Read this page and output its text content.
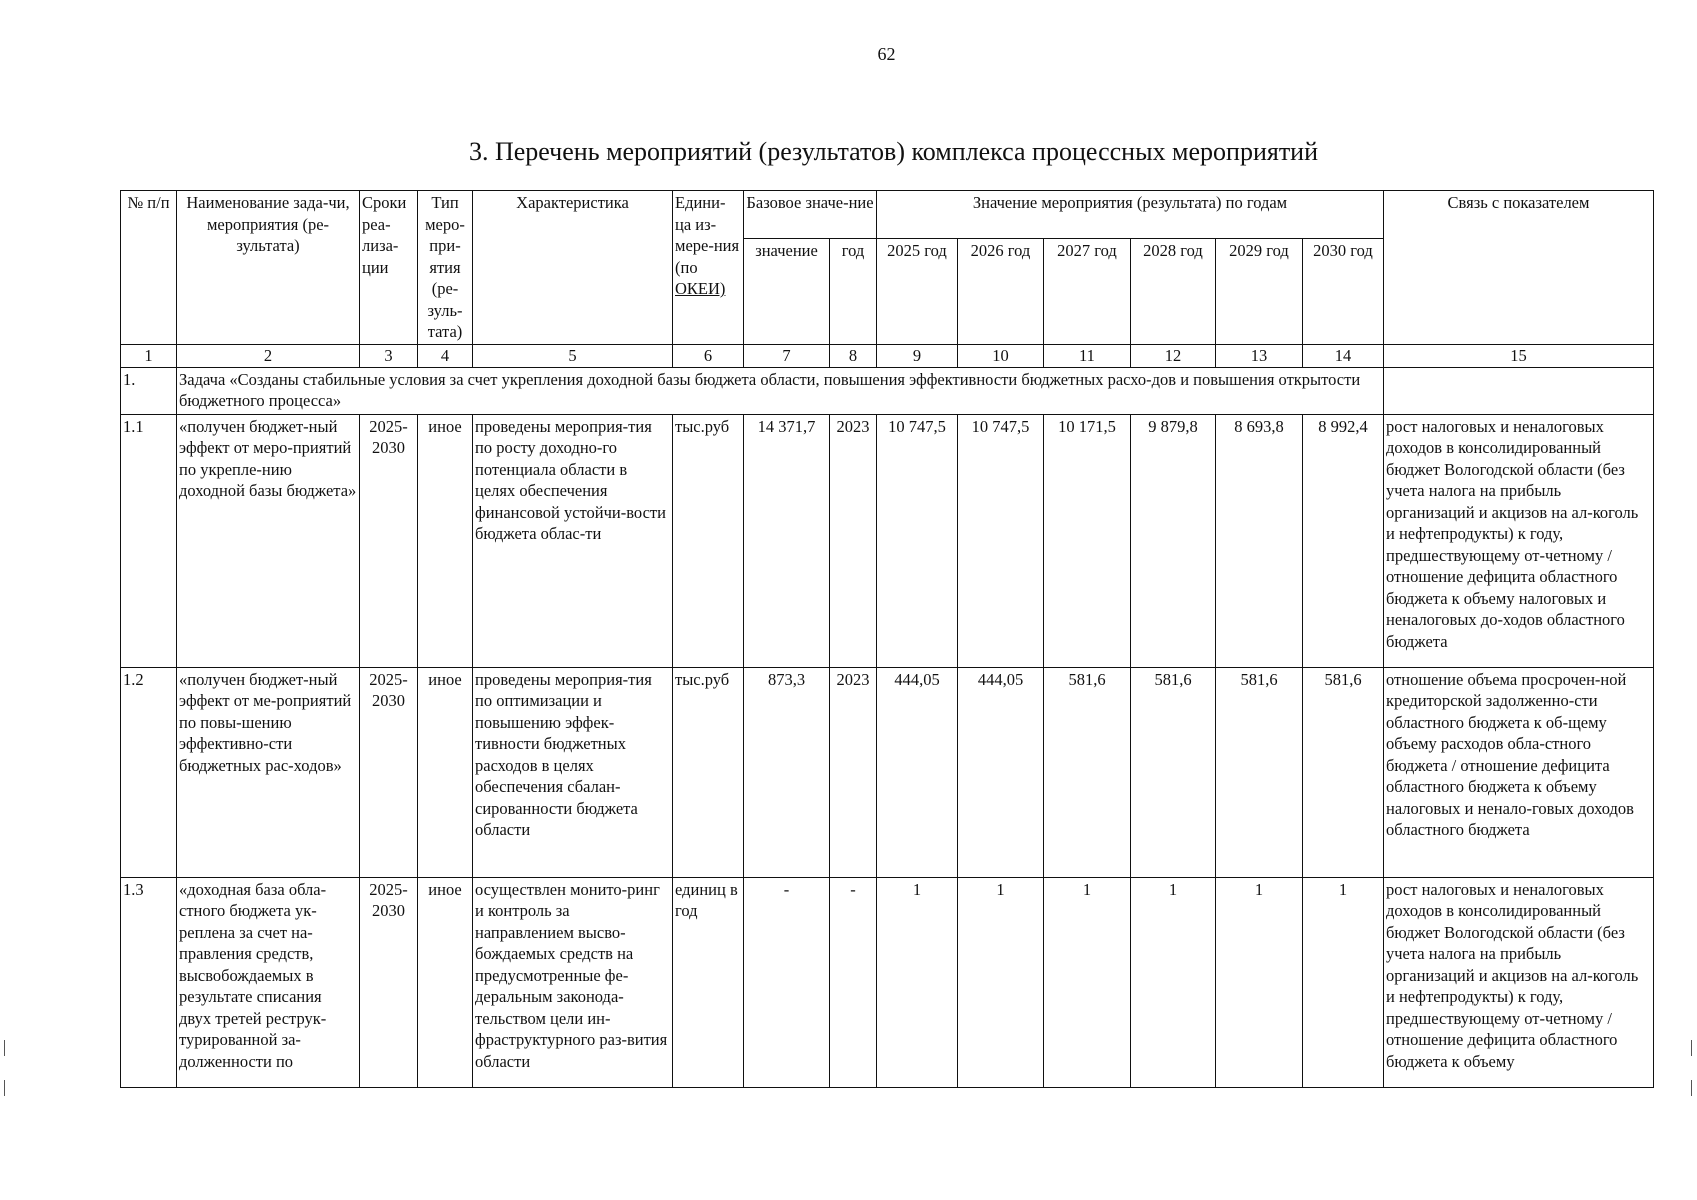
62
3. Перечень мероприятий (результатов) комплекса процессных мероприятий
№ п/п	Наименование зада-чи, мероприятия (ре-зультата)	Сроки реа-лиза-ции	Тип меро-при-ятия (ре-зуль-тата)	Характеристика	Едини-ца из-мере-ния (по ОКЕИ)	Базовое значе-ние		Значение мероприятия (результата) по годам						Связь с показателем
						значение	год	2025 год	2026 год	2027 год	2028 год	2029 год	2030 год	
1	2	3	4	5	6	7	8	9	10	11	12	13	14	15
1.	Задача «Созданы стабильные условия за счет укрепления доходной базы бюджета области, повышения эффективности бюджетных расхо-дов и повышения открытости бюджетного процесса»													
1.1	«получен бюджет-ный эффект от меро-приятий по укрепле-нию доходной базы бюджета»	2025-2030	иное	проведены мероприя-тия по росту доходно-го потенциала области в целях обеспечения финансовой устойчи-вости бюджета облас-ти	тыс.руб	14 371,7	2023	10 747,5	10 747,5	10 171,5	9 879,8	8 693,8	8 992,4	рост налоговых и неналоговых доходов в консолидированный бюджет Вологодской области (без учета налога на прибыль организаций и акцизов на ал-коголь и нефтепродукты) к году, предшествующему от-четному / отношение дефицита областного бюджета к объему налоговых и неналоговых до-ходов областного бюджета
1.2	«получен бюджет-ный эффект от ме-роприятий по повы-шению эффективно-сти бюджетных рас-ходов»	2025-2030	иное	проведены мероприя-тия по оптимизации и повышению эффек-тивности бюджетных расходов в целях обеспечения сбалан-сированности бюджета области	тыс.руб	873,3	2023	444,05	444,05	581,6	581,6	581,6	581,6	отношение объема просрочен-ной кредиторской задолженно-сти областного бюджета к об-щему объему расходов обла-стного бюджета / отношение дефицита областного бюджета к объему налоговых и ненало-говых доходов областного бюджета
1.3	«доходная база обла-стного бюджета ук-реплена за счет на-правления средств, высвобождаемых в результате списания двух третей реструк-турированной за-долженности по	2025-2030	иное	осуществлен монито-ринг и контроль за направлением высво-бождаемых средств на предусмотренные фе-деральным законода-тельством цели ин-фраструктурного раз-вития области	единиц в год	-	-	1	1	1	1	1	1	рост налоговых и неналоговых доходов в консолидированный бюджет Вологодской области (без учета налога на прибыль организаций и акцизов на ал-коголь и нефтепродукты) к году, предшествующему от-четному / отношение дефицита областного бюджета к объему
